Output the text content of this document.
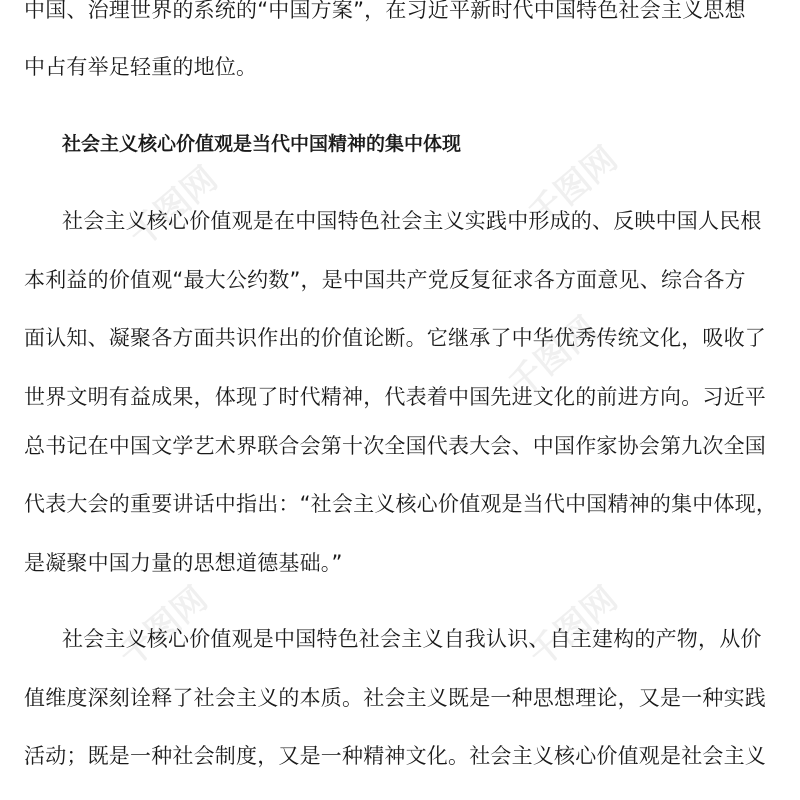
千图网	千图网
千图网
千图网	千图网
中国、治理世界的系统的“中国方案”，在习近平新时代中国特色社会主义思想
中占有举足轻重的地位。
社会主义核心价值观是当代中国精神的集中体现
社会主义核心价值观是在中国特色社会主义实践中形成的、反映中国人民根
本利益的价值观“最大公约数”，是中国共产党反复征求各方面意见、综合各方
面认知、凝聚各方面共识作出的价值论断。它继承了中华优秀传统文化，吸收了
世界文明有益成果，体现了时代精神，代表着中国先进文化的前进方向。习近平
总书记在中国文学艺术界联合会第十次全国代表大会、中国作家协会第九次全国
代表大会的重要讲话中指出：“社会主义核心价值观是当代中国精神的集中体现，
是凝聚中国力量的思想道德基础。”
社会主义核心价值观是中国特色社会主义自我认识、自主建构的产物，从价
值维度深刻诠释了社会主义的本质。社会主义既是一种思想理论，又是一种实践
活动；既是一种社会制度，又是一种精神文化。社会主义核心价值观是社会主义
